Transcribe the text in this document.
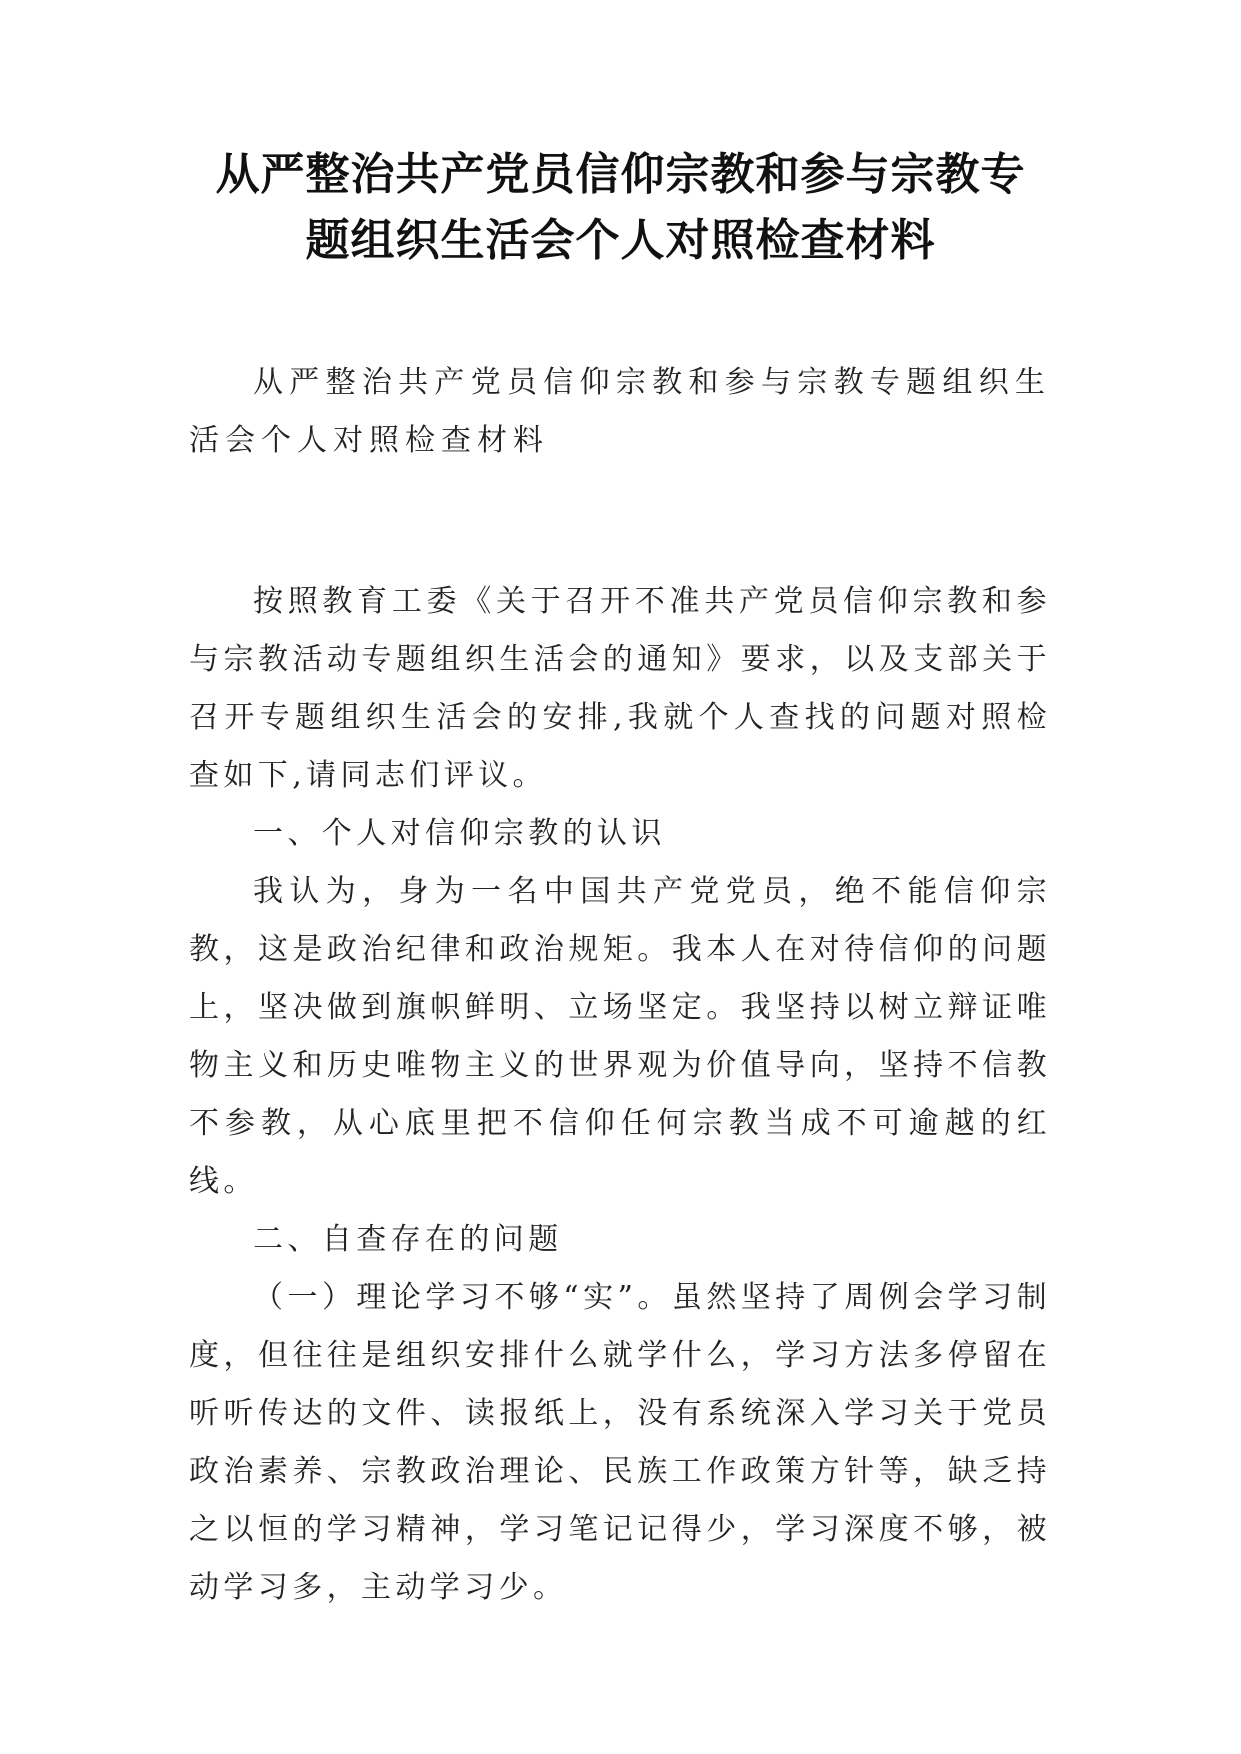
从严整治共产党员信仰宗教和参与宗教专
题组织生活会个人对照检查材料

从严整治共产党员信仰宗教和参与宗教专题组织生活会个人对照检查材料

按照教育工委《关于召开不准共产党员信仰宗教和参与宗教活动专题组织生活会的通知》要求，以及支部关于召开专题组织生活会的安排,我就个人查找的问题对照检查如下,请同志们评议。

一、个人对信仰宗教的认识

我认为，身为一名中国共产党党员，绝不能信仰宗教，这是政治纪律和政治规矩。我本人在对待信仰的问题上，坚决做到旗帜鲜明、立场坚定。我坚持以树立辩证唯物主义和历史唯物主义的世界观为价值导向，坚持不信教不参教，从心底里把不信仰任何宗教当成不可逾越的红线。

二、自查存在的问题

（一）理论学习不够“实”。虽然坚持了周例会学习制度，但往往是组织安排什么就学什么，学习方法多停留在听听传达的文件、读报纸上，没有系统深入学习关于党员政治素养、宗教政治理论、民族工作政策方针等，缺乏持之以恒的学习精神，学习笔记记得少，学习深度不够，被动学习多，主动学习少。
